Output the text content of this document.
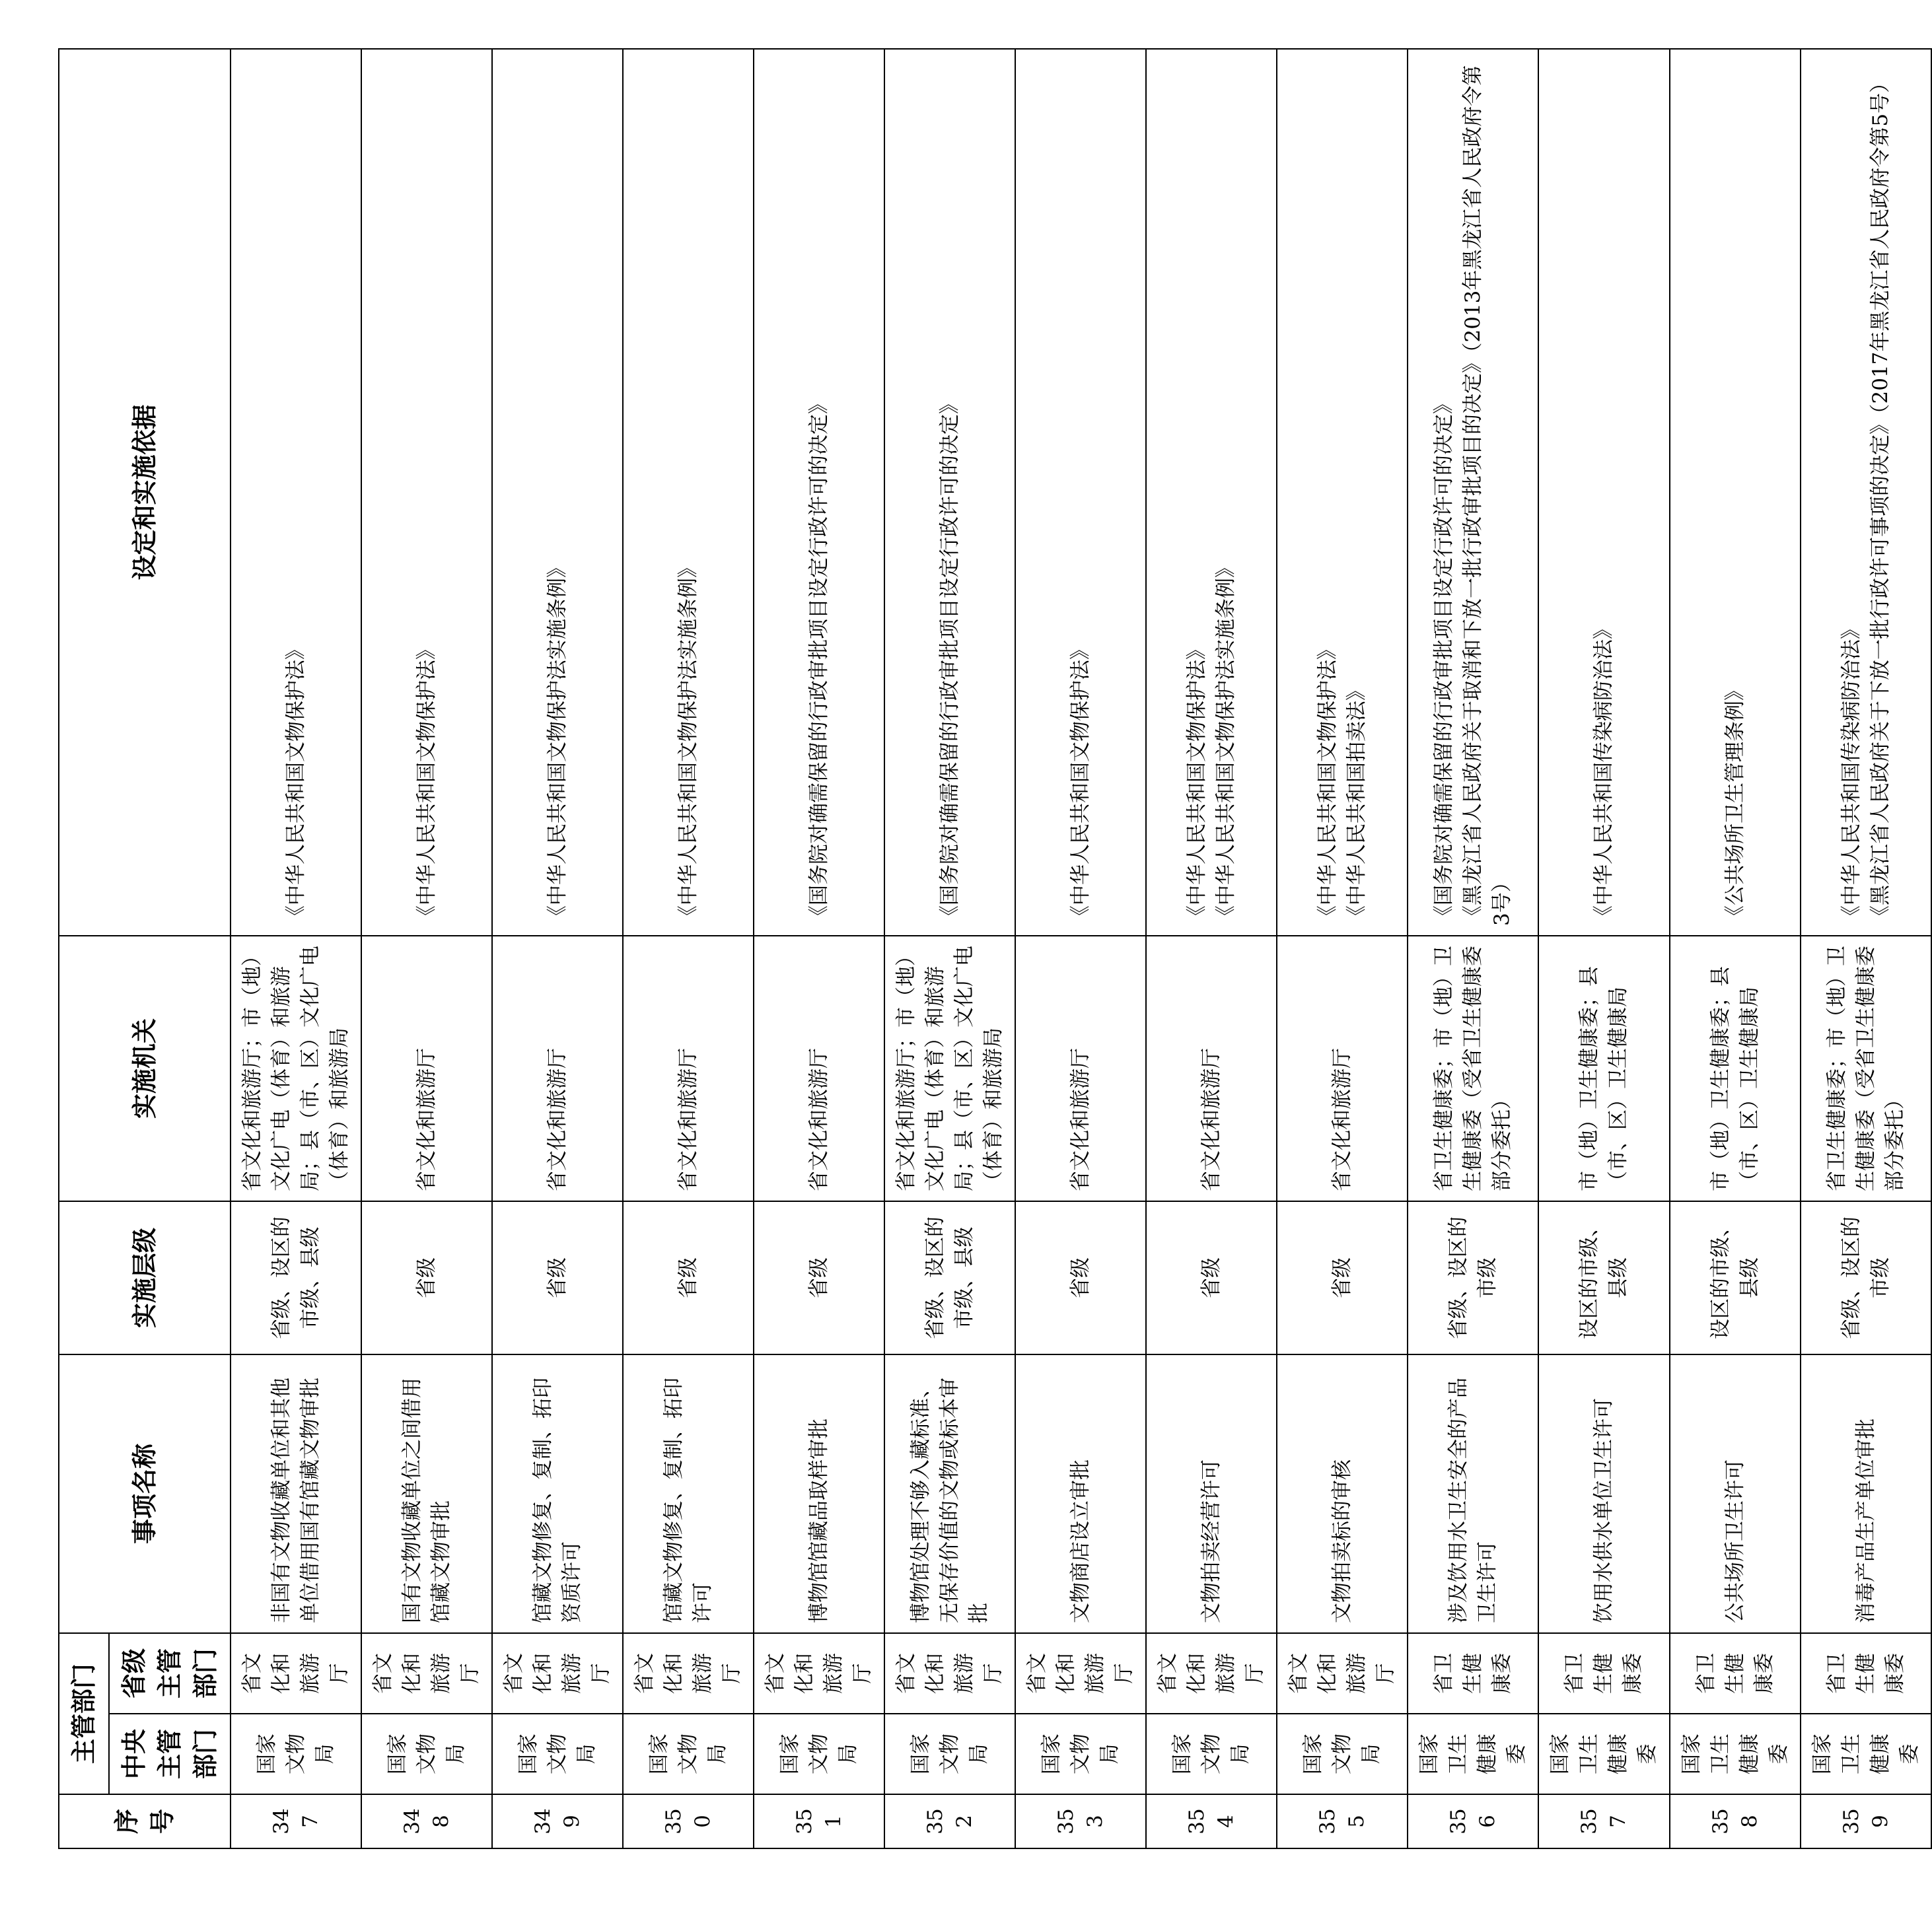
序号	主管部门		事项名称	实施层级	实施机关	设定和实施依据
	中央主管部门	省级主管部门				
347	国家文物局	省文化和旅游厅	非国有文物收藏单位和其他单位借用国有馆藏文物审批	省级、设区的市级、县级	省文化和旅游厅；市（地）文化广电（体育）和旅游局；县（市、区）文化广电（体育）和旅游局	《中华人民共和国文物保护法》

348	国家文物局	省文化和旅游厅	国有文物收藏单位之间借用馆藏文物审批	省级	省文化和旅游厅	《中华人民共和国文物保护法》

349	国家文物局	省文化和旅游厅	馆藏文物修复、复制、拓印资质许可	省级	省文化和旅游厅	《中华人民共和国文物保护法实施条例》

350	国家文物局	省文化和旅游厅	馆藏文物修复、复制、拓印许可	省级	省文化和旅游厅	《中华人民共和国文物保护法实施条例》

351	国家文物局	省文化和旅游厅	博物馆馆藏品取样审批	省级	省文化和旅游厅	《国务院对确需保留的行政审批项目设定行政许可的决定》

352	国家文物局	省文化和旅游厅	博物馆处理不够入藏标准、无保存价值的文物或标本审批	省级、设区的市级、县级	省文化和旅游厅；市（地）文化广电（体育）和旅游局；县（市、区）文化广电（体育）和旅游局	《国务院对确需保留的行政审批项目设定行政许可的决定》

353	国家文物局	省文化和旅游厅	文物商店设立审批	省级	省文化和旅游厅	《中华人民共和国文物保护法》

354	国家文物局	省文化和旅游厅	文物拍卖经营许可	省级	省文化和旅游厅	《中华人民共和国文物保护法》 《中华人民共和国文物保护法实施条例》

355	国家文物局	省文化和旅游厅	文物拍卖标的审核	省级	省文化和旅游厅	《中华人民共和国文物保护法》 《中华人民共和国拍卖法》

356	国家卫生健康委	省卫生健康委	涉及饮用水卫生安全的产品卫生许可	省级、设区的市级	省卫生健康委；市（地）卫生健康委（受省卫生健康委部分委托）	《国务院对确需保留的行政审批项目设定行政许可的决定》 《黑龙江省人民政府关于取消和下放一批行政审批项目的决定》（2013年黑龙江省人民政府令第3号）

357	国家卫生健康委	省卫生健康委	饮用水供水单位卫生许可	设区的市级、县级	市（地）卫生健康委；县（市、区）卫生健康局	《中华人民共和国传染病防治法》

358	国家卫生健康委	省卫生健康委	公共场所卫生许可	设区的市级、县级	市（地）卫生健康委；县（市、区）卫生健康局	《公共场所卫生管理条例》

359	国家卫生健康委	省卫生健康委	消毒产品生产单位审批	省级、设区的市级	省卫生健康委；市（地）卫生健康委（受省卫生健康委部分委托）	《中华人民共和国传染病防治法》 《黑龙江省人民政府关于下放一批行政许可事项的决定》（2017年黑龙江省人民政府令第5号）
